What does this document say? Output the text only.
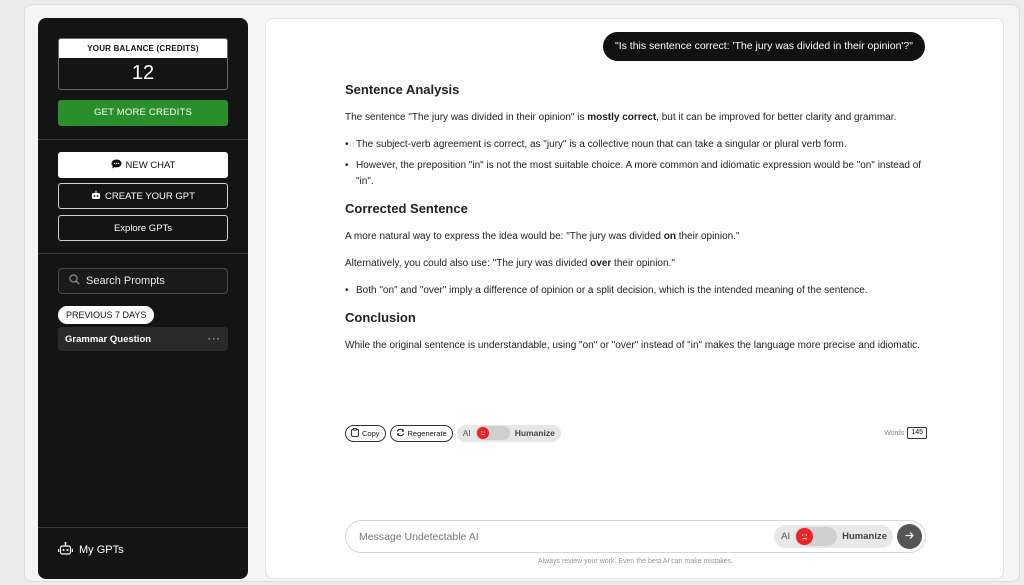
YOUR BALANCE (CREDITS)
12
GET MORE CREDITS
NEW CHAT
CREATE YOUR GPT
Explore GPTs
Search Prompts
PREVIOUS 7 DAYS
Grammar Question	···
My GPTs
"Is this sentence correct: 'The jury was divided in their opinion'?"
Sentence Analysis

The sentence "The jury was divided in their opinion" is mostly correct, but it can be improved for better clarity and grammar.

• The subject-verb agreement is correct, as "jury" is a collective noun that can take a singular or plural verb form.
• However, the preposition "in" is not the most suitable choice. A more common and idiomatic expression would be "on" instead of "in".
Corrected Sentence

A more natural way to express the idea would be: "The jury was divided on their opinion."

Alternatively, you could also use: "The jury was divided over their opinion."

• Both "on" and "over" imply a difference of opinion or a split decision, which is the intended meaning of the sentence.
Conclusion

While the original sentence is understandable, using "on" or "over" instead of "in" makes the language more precise and idiomatic.

Copy	Regenerate AI	Humanize	Words	145
Message Undetectable AI
AI	Humanize
Always review your work. Even the best AI can make mistakes.
